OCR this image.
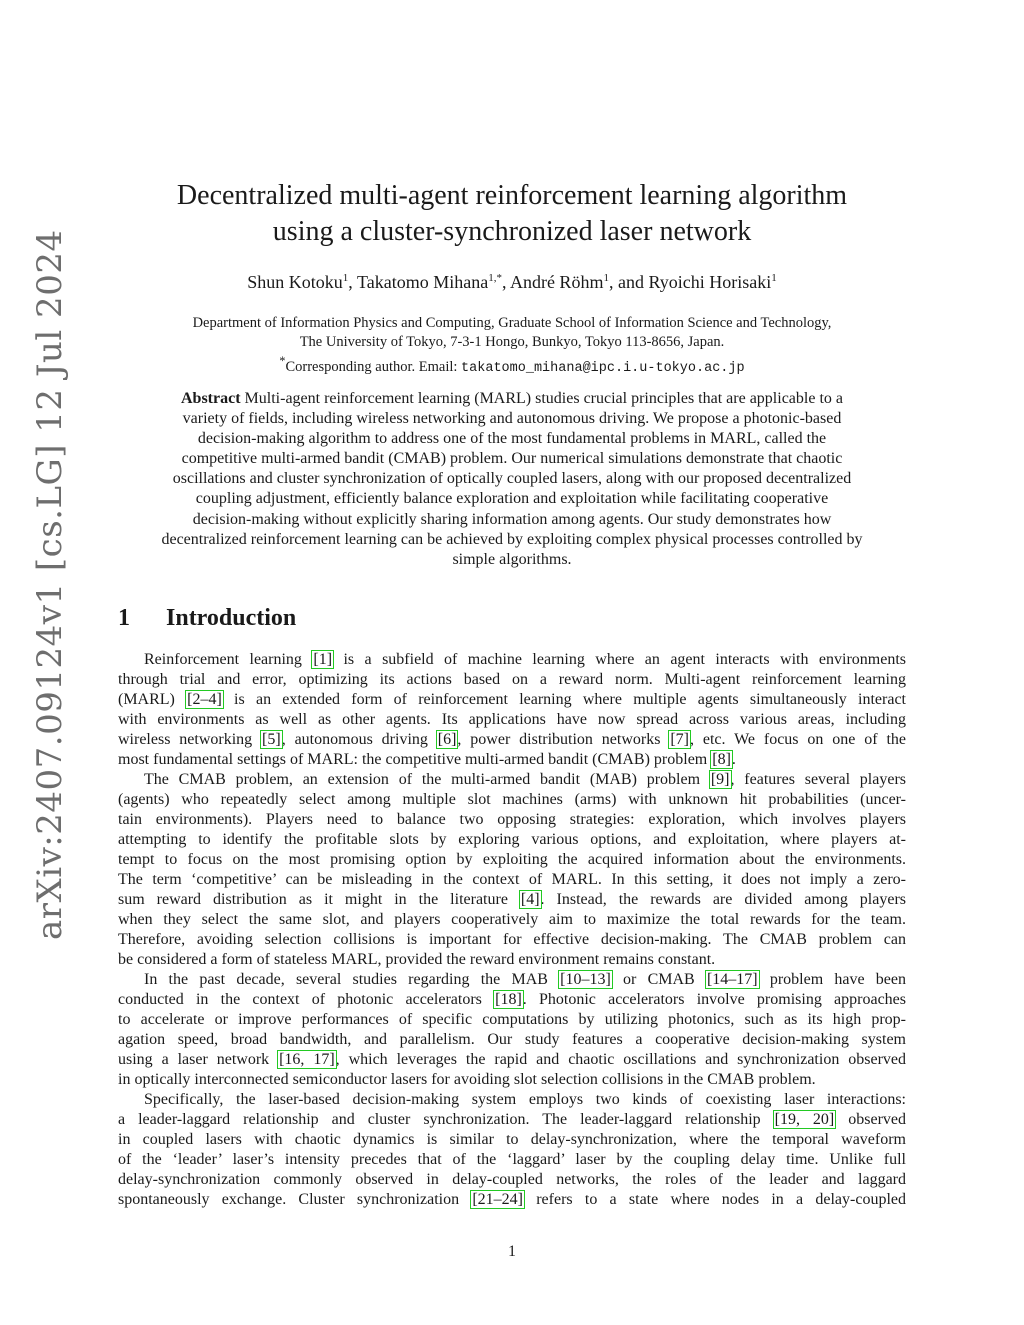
arXiv:2407.09124v1 [cs.LG] 12 Jul 2024
Decentralized multi-agent reinforcement learning algorithm
using a cluster-synchronized laser network
Shun Kotoku$^1$, Takatomo Mihana$^{1,*}$, André Röhm$^1$, and Ryoichi Horisaki$^1$
Department of Information Physics and Computing, Graduate School of Information Science and Technology,
The University of Tokyo, 7-3-1 Hongo, Bunkyo, Tokyo 113-8656, Japan.
*Corresponding author. Email: takatomo_mihana@ipc.i.u-tokyo.ac.jp
Abstract Multi-agent reinforcement learning (MARL) studies crucial principles that are applicable to a
variety of fields, including wireless networking and autonomous driving. We propose a photonic-based
decision-making algorithm to address one of the most fundamental problems in MARL, called the
competitive multi-armed bandit (CMAB) problem. Our numerical simulations demonstrate that chaotic
oscillations and cluster synchronization of optically coupled lasers, along with our proposed decentralized
coupling adjustment, efficiently balance exploration and exploitation while facilitating cooperative
decision-making without explicitly sharing information among agents. Our study demonstrates how
decentralized reinforcement learning can be achieved by exploiting complex physical processes controlled by
simple algorithms.
1 Introduction
Reinforcement learning [1] is a subfield of machine learning where an agent interacts with environments
through trial and error, optimizing its actions based on a reward norm. Multi-agent reinforcement learning
(MARL) [2–4] is an extended form of reinforcement learning where multiple agents simultaneously interact
with environments as well as other agents. Its applications have now spread across various areas, including
wireless networking [5], autonomous driving [6], power distribution networks [7], etc. We focus on one of the
most fundamental settings of MARL: the competitive multi-armed bandit (CMAB) problem [8].
The CMAB problem, an extension of the multi-armed bandit (MAB) problem [9], features several players
(agents) who repeatedly select among multiple slot machines (arms) with unknown hit probabilities (uncer-
tain environments). Players need to balance two opposing strategies: exploration, which involves players
attempting to identify the profitable slots by exploring various options, and exploitation, where players at-
tempt to focus on the most promising option by exploiting the acquired information about the environments.
The term ‘competitive’ can be misleading in the context of MARL. In this setting, it does not imply a zero-
sum reward distribution as it might in the literature [4]. Instead, the rewards are divided among players
when they select the same slot, and players cooperatively aim to maximize the total rewards for the team.
Therefore, avoiding selection collisions is important for effective decision-making. The CMAB problem can
be considered a form of stateless MARL, provided the reward environment remains constant.
In the past decade, several studies regarding the MAB [10–13] or CMAB [14–17] problem have been
conducted in the context of photonic accelerators [18]. Photonic accelerators involve promising approaches
to accelerate or improve performances of specific computations by utilizing photonics, such as its high prop-
agation speed, broad bandwidth, and parallelism. Our study features a cooperative decision-making system
using a laser network [16, 17], which leverages the rapid and chaotic oscillations and synchronization observed
in optically interconnected semiconductor lasers for avoiding slot selection collisions in the CMAB problem.
Specifically, the laser-based decision-making system employs two kinds of coexisting laser interactions:
a leader-laggard relationship and cluster synchronization. The leader-laggard relationship [19, 20] observed
in coupled lasers with chaotic dynamics is similar to delay-synchronization, where the temporal waveform
of the ‘leader’ laser’s intensity precedes that of the ‘laggard’ laser by the coupling delay time. Unlike full
delay-synchronization commonly observed in delay-coupled networks, the roles of the leader and laggard
spontaneously exchange. Cluster synchronization [21–24] refers to a state where nodes in a delay-coupled
1
